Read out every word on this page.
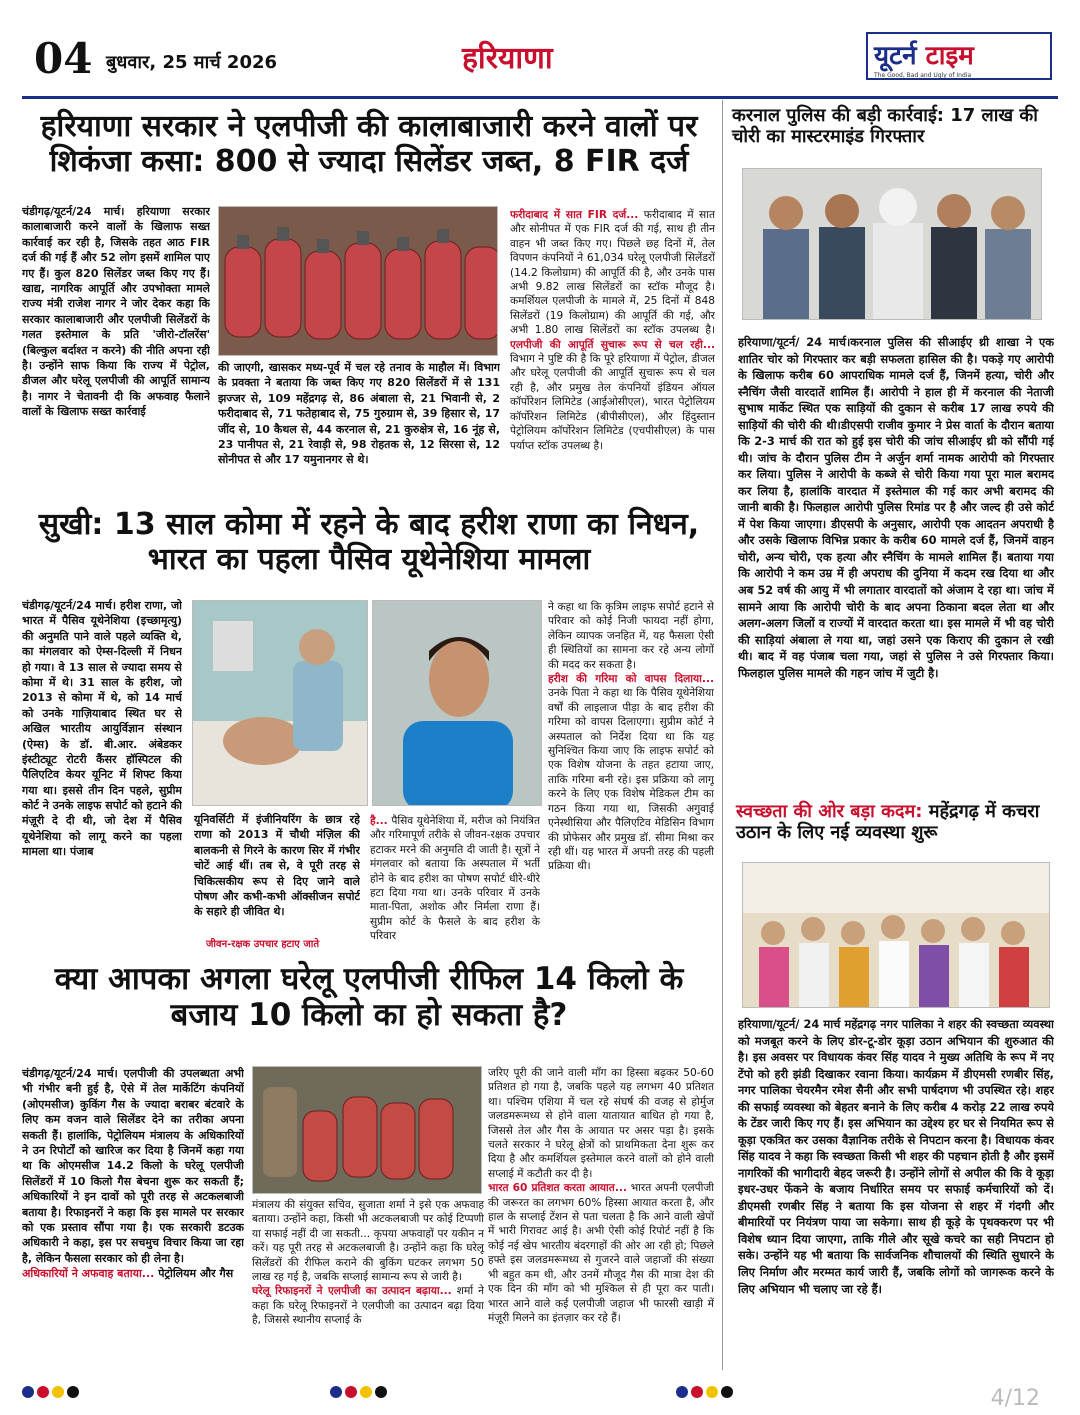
04 बुधवार, 25 मार्च 2026	हरियाणा	यूटर्न टाइम
The Good, Bad and Ugly of India
हरियाणा सरकार ने एलपीजी की कालाबाजारी करने वालों पर शिकंजा कसा: 800 से ज्यादा सिलेंडर जब्त, 8 FIR दर्ज
चंडीगढ़/यूटर्न/24 मार्च। हरियाणा सरकार कालाबाजारी करने वालों के खिलाफ सख्त कार्रवाई कर रही है, जिसके तहत आठ FIR दर्ज की गई हैं और 52 लोग इसमें शामिल पाए गए हैं। कुल 820 सिलेंडर जब्त किए गए हैं। खाद्य, नागरिक आपूर्ति और उपभोक्ता मामले राज्य मंत्री राजेश नागर ने जोर देकर कहा कि सरकार कालाबाजारी और एलपीजी सिलेंडरों के गलत इस्तेमाल के प्रति 'जीरो-टॉलरेंस' (बिल्कुल बर्दाश्त न करने) की नीति अपना रही है। उन्होंने साफ किया कि राज्य में पेट्रोल, डीजल और घरेलू एलपीजी की आपूर्ति सामान्य है। नागर ने चेतावनी दी कि अफवाह फैलाने वालों के खिलाफ सख्त कार्रवाई
की जाएगी, खासकर मध्य-पूर्व में चल रहे तनाव के माहौल में। विभाग के प्रवक्ता ने बताया कि जब्त किए गए 820 सिलेंडरों में से 131 झज्जर से, 109 महेंद्रगढ़ से, 86 अंबाला से, 21 भिवानी से, 2 फरीदाबाद से, 71 फतेहाबाद से, 75 गुरुग्राम से, 39 हिसार से, 17 जींद से, 10 कैथल से, 44 करनाल से, 21 कुरुक्षेत्र से, 16 नूंह से, 23 पानीपत से, 21 रेवाड़ी से, 98 रोहतक से, 12 सिरसा से, 12 सोनीपत से और 17 यमुनानगर से थे।
फरीदाबाद में सात FIR दर्ज... फरीदाबाद में सात और सोनीपत में एक FIR दर्ज की गई, साथ ही तीन वाहन भी जब्त किए गए। पिछले छह दिनों में, तेल विपणन कंपनियों ने 61,034 घरेलू एलपीजी सिलेंडरों (14.2 किलोग्राम) की आपूर्ति की है, और उनके पास अभी 9.82 लाख सिलेंडरों का स्टॉक मौजूद है। कमर्शियल एलपीजी के मामले में, 25 दिनों में 848 सिलेंडरों (19 किलोग्राम) की आपूर्ति की गई, और अभी 1.80 लाख सिलेंडरों का स्टॉक उपलब्ध है। एलपीजी की आपूर्ति सुचारू रूप से चल रही... विभाग ने पुष्टि की है कि पूरे हरियाणा में पेट्रोल, डीजल और घरेलू एलपीजी की आपूर्ति सुचारू रूप से चल रही है, और प्रमुख तेल कंपनियों इंडियन ऑयल कॉर्पोरेशन लिमिटेड (आईओसीएल), भारत पेट्रोलियम कॉर्पोरेशन लिमिटेड (बीपीसीएल), और हिंदुस्तान पेट्रोलियम कॉर्पोरेशन लिमिटेड (एचपीसीएल) के पास पर्याप्त स्टॉक उपलब्ध है।
सुखी: 13 साल कोमा में रहने के बाद हरीश राणा का निधन, भारत का पहला पैसिव यूथेनेशिया मामला
चंडीगढ़/यूटर्न/24 मार्च। हरीश राणा, जो भारत में पैसिव यूथेनेशिया (इच्छामृत्यु) की अनुमति पाने वाले पहले व्यक्ति थे, का मंगलवार को ऐम्स-दिल्ली में निधन हो गया। वे 13 साल से ज्यादा समय से कोमा में थे। 31 साल के हरीश, जो 2013 से कोमा में थे, को 14 मार्च को उनके गाज़ियाबाद स्थित घर से अखिल भारतीय आयुर्विज्ञान संस्थान (ऐम्स) के डॉ. बी.आर. अंबेडकर इंस्टीट्यूट रोटरी कैंसर हॉस्पिटल की पैलिएटिव केयर यूनिट में शिफ्ट किया गया था। इससे तीन दिन पहले, सुप्रीम कोर्ट ने उनके लाइफ सपोर्ट को हटाने की मंज़ूरी दे दी थी, जो देश में पैसिव यूथेनेशिया को लागू करने का पहला मामला था। पंजाब
यूनिवर्सिटी में इंजीनियरिंग के छात्र रहे राणा को 2013 में चौथी मंज़िल की बालकनी से गिरने के कारण सिर में गंभीर चोटें आई थीं। तब से, वे पूरी तरह से चिकित्सकीय रूप से दिए जाने वाले पोषण और कभी-कभी ऑक्सीजन सपोर्ट के सहारे ही जीवित थे।
जीवन-रक्षक उपचार हटाए जाते
है... पैसिव यूथेनेशिया में, मरीज को नियंत्रित और गरिमापूर्ण तरीके से जीवन-रक्षक उपचार हटाकर मरने की अनुमति दी जाती है। सूत्रों ने मंगलवार को बताया कि अस्पताल में भर्ती होने के बाद हरीश का पोषण सपोर्ट धीरे-धीरे हटा दिया गया था। उनके परिवार में उनके माता-पिता, अशोक और निर्मला राणा हैं। सुप्रीम कोर्ट के फैसले के बाद हरीश के परिवार
ने कहा था कि कृत्रिम लाइफ सपोर्ट हटाने से परिवार को कोई निजी फायदा नहीं होगा, लेकिन व्यापक जनहित में, यह फैसला ऐसी ही स्थितियों का सामना कर रहे अन्य लोगों की मदद कर सकता है।
हरीश की गरिमा को वापस दिलाया... उनके पिता ने कहा था कि पैसिव यूथेनेशिया वर्षों की लाइलाज पीड़ा के बाद हरीश की गरिमा को वापस दिलाएगा। सुप्रीम कोर्ट ने अस्पताल को निर्देश दिया था कि यह सुनिश्चित किया जाए कि लाइफ सपोर्ट को एक विशेष योजना के तहत हटाया जाए, ताकि गरिमा बनी रहे। इस प्रक्रिया को लागू करने के लिए एक विशेष मेडिकल टीम का गठन किया गया था, जिसकी अगुवाई एनेस्थीसिया और पैलिएटिव मेडिसिन विभाग की प्रोफेसर और प्रमुख डॉ. सीमा मिश्रा कर रही थीं। यह भारत में अपनी तरह की पहली प्रक्रिया थी।
क्या आपका अगला घरेलू एलपीजी रीफिल 14 किलो के बजाय 10 किलो का हो सकता है?
चंडीगढ़/यूटर्न/24 मार्च। एलपीजी की उपलब्धता अभी भी गंभीर बनी हुई है, ऐसे में तेल मार्केटिंग कंपनियों (ओएमसीज) कुकिंग गैस के ज्यादा बराबर बंटवारे के लिए कम वजन वाले सिलेंडर देने का तरीका अपना सकती हैं। हालांकि, पेट्रोलियम मंत्रालय के अधिकारियों ने उन रिपोर्टों को खारिज कर दिया है जिनमें कहा गया था कि ओएमसीज 14.2 किलो के घरेलू एलपीजी सिलेंडरों में 10 किलो गैस बेचना शुरू कर सकती हैं; अधिकारियों ने इन दावों को पूरी तरह से अटकलबाजी बताया है। रिफाइनरों ने कहा कि इस मामले पर सरकार को एक प्रस्ताव सौंपा गया है। एक सरकारी डटउक अधिकारी ने कहा, इस पर सचमुच विचार किया जा रहा है, लेकिन फैसला सरकार को ही लेना है।
अधिकारियों ने अफवाह बताया... पेट्रोलियम और गैस
मंत्रालय की संयुक्त सचिव, सुजाता शर्मा ने इसे एक अफवाह बताया। उन्होंने कहा, किसी भी अटकलबाजी पर कोई टिप्पणी या सफाई नहीं दी जा सकती... कृपया अफवाहों पर यकीन न करें। यह पूरी तरह से अटकलबाजी है। उन्होंने कहा कि घरेलू सिलेंडरों की रीफिल कराने की बुकिंग घटकर लगभग 50 लाख रह गई है, जबकि सप्लाई सामान्य रूप से जारी है।
घरेलू रिफाइनरों ने एलपीजी का उत्पादन बढ़ाया... शर्मा ने कहा कि घरेलू रिफाइनरों ने एलपीजी का उत्पादन बढ़ा दिया है, जिससे स्थानीय सप्लाई के
जरिए पूरी की जाने वाली माँग का हिस्सा बढ़कर 50-60 प्रतिशत हो गया है, जबकि पहले यह लगभग 40 प्रतिशत था। पश्चिम एशिया में चल रहे संघर्ष की वजह से होर्मुज जलडमरूमध्य से होने वाला यातायात बाधित हो गया है, जिससे तेल और गैस के आयात पर असर पड़ा है। इसके चलते सरकार ने घरेलू क्षेत्रों को प्राथमिकता देना शुरू कर दिया है और कमर्शियल इस्तेमाल करने वालों को होने वाली सप्लाई में कटौती कर दी है।
भारत 60 प्रतिशत करता आयात... भारत अपनी एलपीजी की जरूरत का लगभग 60% हिस्सा आयात करता है, और हाल के सप्लाई टेंशन से पता चलता है कि आने वाली खेपों में भारी गिरावट आई है। अभी ऐसी कोई रिपोर्ट नहीं है कि कोई नई खेप भारतीय बंदरगाहों की ओर आ रही हो; पिछले हफ्ते इस जलडमरूमध्य से गुजरने वाले जहाजों की संख्या भी बहुत कम थी, और उनमें मौजूद गैस की मात्रा देश की एक दिन की माँग को भी मुश्किल से ही पूरा कर पाती। भारत आने वाले कई एलपीजी जहाज भी फारसी खाड़ी में मंज़ूरी मिलने का इंतज़ार कर रहे हैं।
करनाल पुलिस की बड़ी कार्रवाई: 17 लाख की चोरी का मास्टरमाइंड गिरफ्तार
हरियाणा/यूटर्न/ 24 मार्च।करनाल पुलिस की सीआईए थ्री शाखा ने एक शातिर चोर को गिरफ्तार कर बड़ी सफलता हासिल की है। पकड़े गए आरोपी के खिलाफ करीब 60 आपराधिक मामले दर्ज हैं, जिनमें हत्या, चोरी और स्नैचिंग जैसी वारदातें शामिल हैं। आरोपी ने हाल ही में करनाल की नेताजी सुभाष मार्केट स्थित एक साड़ियों की दुकान से करीब 17 लाख रुपये की साड़ियों की चोरी की थी।डीएसपी राजीव कुमार ने प्रेस वार्ता के दौरान बताया कि 2-3 मार्च की रात को हुई इस चोरी की जांच सीआईए थ्री को सौंपी गई थी। जांच के दौरान पुलिस टीम ने अर्जुन शर्मा नामक आरोपी को गिरफ्तार कर लिया। पुलिस ने आरोपी के कब्जे से चोरी किया गया पूरा माल बरामद कर लिया है, हालांकि वारदात में इस्तेमाल की गई कार अभी बरामद की जानी बाकी है। फिलहाल आरोपी पुलिस रिमांड पर है और जल्द ही उसे कोर्ट में पेश किया जाएगा। डीएसपी के अनुसार, आरोपी एक आदतन अपराधी है और उसके खिलाफ विभिन्न प्रकार के करीब 60 मामले दर्ज हैं, जिनमें वाहन चोरी, अन्य चोरी, एक हत्या और स्नैचिंग के मामले शामिल हैं। बताया गया कि आरोपी ने कम उम्र में ही अपराध की दुनिया में कदम रख दिया था और अब 52 वर्ष की आयु में भी लगातार वारदातों को अंजाम दे रहा था। जांच में सामने आया कि आरोपी चोरी के बाद अपना ठिकाना बदल लेता था और अलग-अलग जिलों व राज्यों में वारदात करता था। इस मामले में भी वह चोरी की साड़ियां अंबाला ले गया था, जहां उसने एक किराए की दुकान ले रखी थी। बाद में वह पंजाब चला गया, जहां से पुलिस ने उसे गिरफ्तार किया। फिलहाल पुलिस मामले की गहन जांच में जुटी है।
स्वच्छता की ओर बड़ा कदम: महेंद्रगढ़ में कचरा उठान के लिए नई व्यवस्था शुरू
हरियाणा/यूटर्न/ 24 मार्च महेंद्रगढ़ नगर पालिका ने शहर की स्वच्छता व्यवस्था को मजबूत करने के लिए डोर-टू-डोर कूड़ा उठान अभियान की शुरुआत की है। इस अवसर पर विधायक कंवर सिंह यादव ने मुख्य अतिथि के रूप में नए टेंपो को हरी झंडी दिखाकर रवाना किया। कार्यक्रम में डीएमसी रणबीर सिंह, नगर पालिका चेयरमैन रमेश सैनी और सभी पार्षदगण भी उपस्थित रहे। शहर की सफाई व्यवस्था को बेहतर बनाने के लिए करीब 4 करोड़ 22 लाख रुपये के टेंडर जारी किए गए हैं। इस अभियान का उद्देश्य हर घर से नियमित रूप से कूड़ा एकत्रित कर उसका वैज्ञानिक तरीके से निपटान करना है। विधायक कंवर सिंह यादव ने कहा कि स्वच्छता किसी भी शहर की पहचान होती है और इसमें नागरिकों की भागीदारी बेहद जरूरी है। उन्होंने लोगों से अपील की कि वे कूड़ा इधर-उधर फेंकने के बजाय निर्धारित समय पर सफाई कर्मचारियों को दें। डीएमसी रणबीर सिंह ने बताया कि इस योजना से शहर में गंदगी और बीमारियों पर नियंत्रण पाया जा सकेगा। साथ ही कूड़े के पृथक्करण पर भी विशेष ध्यान दिया जाएगा, ताकि गीले और सूखे कचरे का सही निपटान हो सके। उन्होंने यह भी बताया कि सार्वजनिक शौचालयों की स्थिति सुधारने के लिए निर्माण और मरम्मत कार्य जारी हैं, जबकि लोगों को जागरूक करने के लिए अभियान भी चलाए जा रहे हैं।
4/12
